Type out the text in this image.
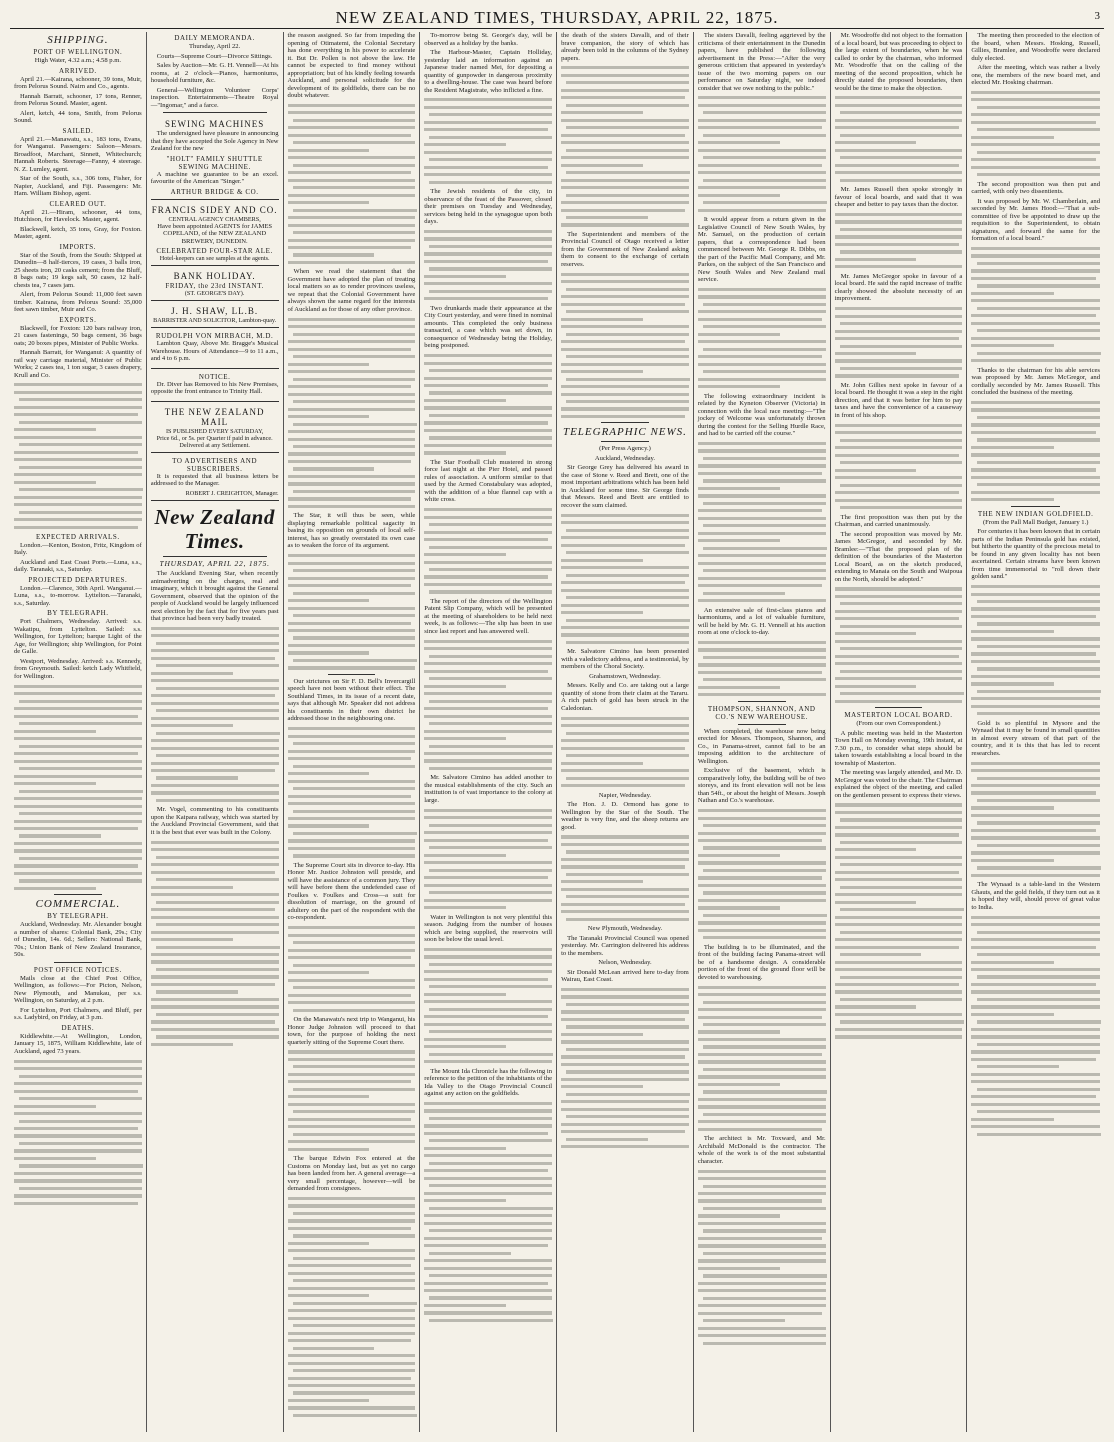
NEW ZEALAND TIMES, THURSDAY, APRIL 22, 1875.	3
SHIPPING.
PORT OF WELLINGTON.

High Water, 4.32 a.m.; 4.58 p.m.

ARRIVED.

April 21.—Kairana, schooner, 39 tons, Muir, from Pelorus Sound. Nairn and Co., agents.

Hannah Barratt, schooner, 17 tons, Renner, from Pelorus Sound. Master, agent.

Alert, ketch, 44 tons, Smith, from Pelorus Sound.

SAILED.

April 21.—Manawatu, s.s., 183 tons, Evans, for Wanganui. Passengers: Saloon—Messrs. Broadfoot, Marchant, Sinnett, Whitechurch; Hannah Roberts. Steerage—Fanny, 4 steerage. N. Z. Lumley, agent.

Star of the South, s.s., 306 tons, Fisher, for Napier, Auckland, and Fiji. Passengers: Mr. Ham. William Bishop, agent.

CLEARED OUT.

April 21.—Hiram, schooner, 44 tons, Hutchison, for Havelock. Master, agent.

Blackwell, ketch, 35 tons, Gray, for Foxton. Master, agent.

IMPORTS.

Star of the South, from the South: Shipped at Dunedin—8 half-tierces, 19 cases, 3 balls iron, 25 sheets iron, 20 casks cement; from the Bluff, 8 bags oats; 19 kegs salt, 50 cases, 12 half-chests tea, 7 cases jam.

Alert, from Pelorus Sound: 11,000 feet sawn timber. Kairana, from Pelorus Sound: 35,000 feet sawn timber, Muir and Co.

EXPORTS.

Blackwell, for Foxton: 120 bars railway iron, 21 cases fastenings, 50 bags cement, 36 bags oats; 20 boxes pipes, Minister of Public Works.

Hannah Barratt, for Wanganui: A quantity of rail way carriage material, Minister of Public Works; 2 cases tea, 1 ton sugar, 3 cases drapery, Krull and Co.

EXPECTED ARRIVALS.

London.—Kenton, Boston, Fritz, Kingdom of Italy.

Auckland and East Coast Ports.—Luna, s.s., daily. Taranaki, s.s., Saturday.

PROJECTED DEPARTURES.

London.—Clarence, 30th April. Wanganui.—Luna, s.s., to-morrow. Lyttelton.—Taranaki, s.s., Saturday.

BY TELEGRAPH.

Port Chalmers, Wednesday. Arrived: s.s. Wakatipu, from Lyttelton. Sailed: s.s. Wellington, for Lyttelton; barque Light of the Age, for Wellington; ship Wellington, for Point de Galle.

Westport, Wednesday. Arrived: s.s. Kennedy, from Greymouth. Sailed: ketch Lady Whitfield, for Wellington.

COMMERCIAL.
BY TELEGRAPH.

Auckland, Wednesday. Mr. Alexander bought a number of shares: Colonial Bank, 29s.; City of Dunedin, 14s. 6d.; Sellers: National Bank, 70s.; Union Bank of New Zealand Insurance, 50s.

POST OFFICE NOTICES.

Mails close at the Chief Post Office, Wellington, as follows:—For Picton, Nelson, New Plymouth, and Manukau, per s.s. Wellington, on Saturday, at 2 p.m.

For Lyttelton, Port Chalmers, and Bluff, per s.s. Ladybird, on Friday, at 3 p.m.

DEATHS.

Kiddlewhite.—At Wellington, London, January 15, 1875, William Kiddlewhite, late of Auckland, aged 73 years.

DAILY MEMORANDA.

Thursday, April 22.

Courts—Supreme Court—Divorce Sittings.

Sales by Auction—Mr. G. H. Vennell—At his rooms, at 2 o'clock—Pianos, harmoniums, household furniture, &c.

General—Wellington Volunteer Corps' inspection. Entertainments—Theatre Royal—"Ingomar," and a farce.

SEWING MACHINES

The undersigned have pleasure in announcing that they have accepted the Sole Agency in New Zealand for the new

"HOLT" FAMILY SHUTTLE SEWING MACHINE.

A machine we guarantee to be an excel. favourite of the American "Singer."

ARTHUR BRIDGE & CO.
FRANCIS SIDEY AND CO.
CENTRAL AGENCY CHAMBERS,

Have been appointed AGENTS for JAMES COPELAND, of the NEW ZEALAND BREWERY, DUNEDIN.

CELEBRATED FOUR-STAR ALE.
Hotel-keepers can see samples at the agents.
BANK HOLIDAY.
FRIDAY, the 23rd INSTANT.
(ST. GEORGE'S DAY).
J. H. SHAW, LL.B.
BARRISTER AND SOLICITOR, Lambton-quay.
RUDOLPH VON MIRBACH, M.D.

Lambton Quay, Above Mr. Bragge's Musical Warehouse. Hours of Attendance—9 to 11 a.m., and 4 to 6 p.m.

NOTICE.

Dr. Diver has Removed to his New Premises, opposite the front entrance to Trinity Hall.

THE NEW ZEALAND MAIL
IS PUBLISHED EVERY SATURDAY,
Price 6d., or 5s. per Quarter if paid in advance. Delivered at any Settlement.
TO ADVERTISERS AND SUBSCRIBERS.

It is requested that all business letters be addressed to the Manager.

ROBERT J. CREIGHTON, Manager.
New Zealand Times.
THURSDAY, APRIL 22, 1875.

The Auckland Evening Star, when recently animadverting on the charges, real and imaginary, which it brought against the General Government, observed that the opinion of the people of Auckland would be largely influenced next election by the fact that for five years past that province had been very badly treated.

Mr. Vogel, commenting to his constituents upon the Kaipara railway, which was started by the Auckland Provincial Government, said that it is the best that ever was built in the Colony.

the reason assigned. So far from impeding the opening of Otimatemi, the Colonial Secretary has done everything in his power to accelerate it. But Dr. Pollen is not above the law. He cannot be expected to find money without appropriation; but of his kindly feeling towards Auckland, and personal solicitude for the development of its goldfields, there can be no doubt whatever.

When we read the statement that the Government have adopted the plan of treating local matters so as to render provinces useless, we repeat that the Colonial Government have always shown the same regard for the interests of Auckland as for those of any other province.

The Star, it will thus be seen, while displaying remarkable political sagacity in basing its opposition on grounds of local self-interest, has so greatly overstated its own case as to weaken the force of its argument.

Our strictures on Sir F. D. Bell's Invercargill speech have not been without their effect. The Southland Times, in its issue of a recent date, says that although Mr. Speaker did not address his constituents in their own district he addressed those in the neighbouring one.

The Supreme Court sits in divorce to-day. His Honor Mr. Justice Johnston will preside, and will have the assistance of a common jury. They will have before them the undefended case of Foulkes v. Foulkes and Cross—a suit for dissolution of marriage, on the ground of adultery on the part of the respondent with the co-respondent.

On the Manawatu's next trip to Wanganui, his Honor Judge Johnston will proceed to that town, for the purpose of holding the next quarterly sitting of the Supreme Court there.

The barque Edwin Fox entered at the Customs on Monday last, but as yet no cargo has been landed from her. A general average—a very small percentage, however—will be demanded from consignees.

To-morrow being St. George's day, will be observed as a holiday by the banks.

The Harbour-Master, Captain Holliday, yesterday laid an information against an Japanese trader named Mei, for depositing a quantity of gunpowder in dangerous proximity to a dwelling-house. The case was heard before the Resident Magistrate, who inflicted a fine.

The Jewish residents of the city, in observance of the feast of the Passover, closed their premises on Tuesday and Wednesday, services being held in the synagogue upon both days.

Two drunkards made their appearance at the City Court yesterday, and were fined in nominal amounts. This completed the only business transacted, a case which was set down, in consequence of Wednesday being the Holiday, being postponed.

The Star Football Club mustered in strong force last night at the Pier Hotel, and passed rules of association. A uniform similar to that used by the Armed Constabulary was adopted, with the addition of a blue flannel cap with a white cross.

The report of the directors of the Wellington Patent Slip Company, which will be presented at the meeting of shareholders to be held next week, is as follows:—The slip has been in use since last report and has answered well.

Mr. Salvatore Cimino has added another to the musical establishments of the city. Such an institution is of vast importance to the colony at large.

Water in Wellington is not very plentiful this season. Judging from the number of houses which are being supplied, the reservoirs will soon be below the usual level.

The Mount Ida Chronicle has the following in reference to the petition of the inhabitants of the Ida Valley to the Otago Provincial Council against any action on the goldfields.

the death of the sisters Davalli, and of their brave companion, the story of which has already been told in the columns of the Sydney papers.

The Superintendent and members of the Provincial Council of Otago received a letter from the Government of New Zealand asking them to consent to the exchange of certain reserves.

TELEGRAPHIC NEWS.

(Per Press Agency.)

Auckland, Wednesday.

Sir George Grey has delivered his award in the case of Stone v. Reed and Brett, one of the most important arbitrations which has been held in Auckland for some time. Sir George finds that Messrs. Reed and Brett are entitled to recover the sum claimed.

Mr. Salvatore Cimino has been presented with a valedictory address, and a testimonial, by members of the Choral Society.

Grahamstown, Wednesday.

Messrs. Kelly and Co. are taking out a large quantity of stone from their claim at the Tararu. A rich patch of gold has been struck in the Caledonian.

Napier, Wednesday.

The Hon. J. D. Ormond has gone to Wellington by the Star of the South. The weather is very fine, and the sheep returns are good.

New Plymouth, Wednesday.

The Taranaki Provincial Council was opened yesterday. Mr. Carrington delivered his address to the members.

Nelson, Wednesday.

Sir Donald McLean arrived here to-day from Wairau, East Coast.

The sisters Davalli, feeling aggrieved by the criticisms of their entertainment in the Dunedin papers, have published the following advertisement in the Press:—"After the very generous criticism that appeared in yesterday's issue of the two morning papers on our performance on Saturday night, we indeed consider that we owe nothing to the public."

It would appear from a return given in the Legislative Council of New South Wales, by Mr. Samuel, on the production of certain papers, that a correspondence had been commenced between Mr. George R. Dibbs, on the part of the Pacific Mail Company, and Mr. Parkes, on the subject of the San Francisco and New South Wales and New Zealand mail service.

The following extraordinary incident is related by the Kyneton Observer (Victoria) in connection with the local race meeting:—"The jockey of Welcome was unfortunately thrown during the contest for the Selling Hurdle Race, and had to be carried off the course."

An extensive sale of first-class pianos and harmoniums, and a lot of valuable furniture, will be held by Mr. G. H. Vennell at his auction room at one o'clock to-day.

THOMPSON, SHANNON, AND CO.'S NEW WAREHOUSE.

When completed, the warehouse now being erected for Messrs. Thompson, Shannon, and Co., in Panama-street, cannot fail to be an imposing addition to the architecture of Wellington.

Exclusive of the basement, which is comparatively lofty, the building will be of two storeys, and its front elevation will not be less than 54ft., or about the height of Messrs. Joseph Nathan and Co.'s warehouse.

The building is to be illuminated, and the front of the building facing Panama-street will be of a handsome design. A considerable portion of the front of the ground floor will be devoted to warehousing.

The architect is Mr. Toxward, and Mr. Archibald McDonald is the contractor. The whole of the work is of the most substantial character.

Mr. Woodroffe did not object to the formation of a local board, but was proceeding to object to the large extent of boundaries, when he was called to order by the chairman, who informed Mr. Woodroffe that on the calling of the meeting of the second proposition, which he directly stated the proposed boundaries, then would be the time to make the objection.

Mr. James Russell then spoke strongly in favour of local boards, and said that it was cheaper and better to pay taxes than the doctor.

Mr. James McGregor spoke in favour of a local board. He said the rapid increase of traffic clearly showed the absolute necessity of an improvement.

Mr. John Gillies next spoke in favour of a local board. He thought it was a step in the right direction, and that it was better for him to pay taxes and have the convenience of a causeway in front of his shop.

The first proposition was then put by the Chairman, and carried unanimously.

The second proposition was moved by Mr. James McGregor, and seconded by Mr. Bramlee:—"That the proposed plan of the definition of the boundaries of the Masterton Local Board, as on the sketch produced, extending to Manaia on the South and Waipoua on the North, should be adopted."

MASTERTON LOCAL BOARD.

(From our own Correspondent.)

A public meeting was held in the Masterton Town Hall on Monday evening, 19th instant, at 7.30 p.m., to consider what steps should be taken towards establishing a local board in the township of Masterton.

The meeting was largely attended, and Mr. D. McGregor was voted to the chair. The Chairman explained the object of the meeting, and called on the gentlemen present to express their views.

The meeting then proceeded to the election of the board, when Messrs. Hosking, Russell, Gillies, Bramlee, and Woodroffe were declared duly elected.

After the meeting, which was rather a lively one, the members of the new board met, and elected Mr. Hosking chairman.

The second proposition was then put and carried, with only two dissentients.

It was proposed by Mr. W. Chamberlain, and seconded by Mr. James Hood:—"That a sub-committee of five be appointed to draw up the requisition to the Superintendent, to obtain signatures, and forward the same for the formation of a local board."

Thanks to the chairman for his able services was proposed by Mr. James McGregor, and cordially seconded by Mr. James Russell. This concluded the business of the meeting.

THE NEW INDIAN GOLDFIELD.

(From the Pall Mall Budget, January 1.)

For centuries it has been known that in certain parts of the Indian Peninsula gold has existed, but hitherto the quantity of the precious metal to be found in any given locality has not been ascertained. Certain streams have been known from time immemorial to "roll down their golden sand."

Gold is so plentiful in Mysore and the Wynaad that it may be found in small quantities in almost every stream of that part of the country, and it is this that has led to recent researches.

The Wynaad is a table-land in the Western Ghauts, and the gold fields, if they turn out as it is hoped they will, should prove of great value to India.
